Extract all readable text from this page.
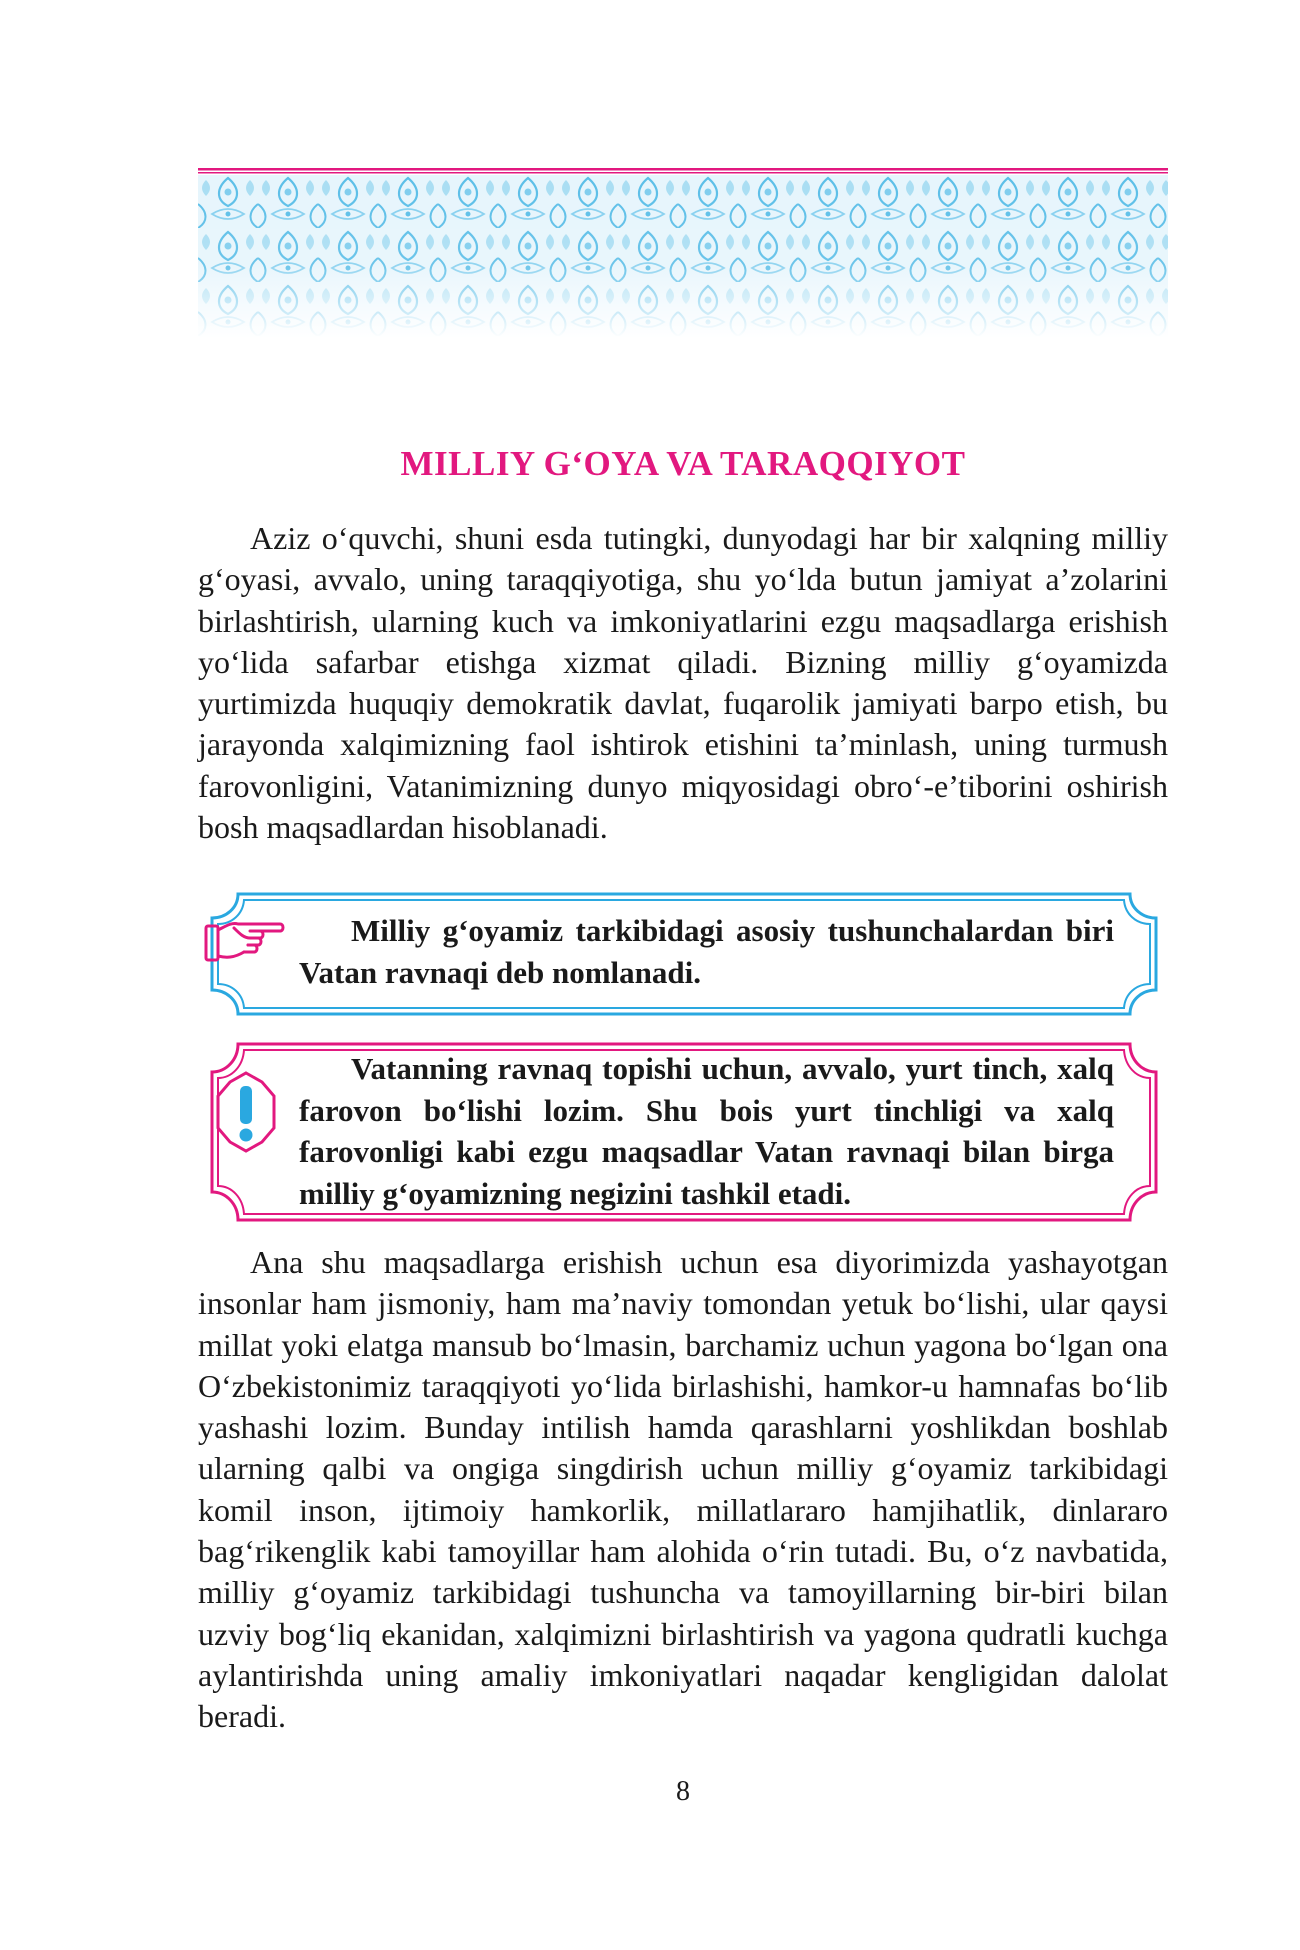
MILLIY G‘OYA VA TARAQQIYOT

Aziz o‘quvchi, shuni esda tutingki, dunyodagi har bir xalqning milliy g‘oyasi, avvalo, uning taraqqiyotiga, shu yo‘lda butun jamiyat a’zolarini birlashtirish, ularning kuch va imkoniyatlarini ezgu maqsadlarga erishish yo‘lida safarbar etishga xizmat qiladi. Bizning milliy g‘oyamizda yurtimizda huquqiy demokratik davlat, fuqarolik jamiyati barpo etish, bu jarayonda xalqimizning faol ishtirok etishini ta’minlash, uning turmush farovonligini, Vatanimizning dunyo miqyosidagi obro‘-e’tiborini oshirish bosh maqsadlardan hisoblanadi.

Milliy g‘oyamiz tarkibidagi asosiy tushunchalardan biri Vatan ravnaqi deb nomlanadi.

Vatanning ravnaq topishi uchun, avvalo, yurt tinch, xalq farovon bo‘lishi lozim. Shu bois yurt tinchligi va xalq farovonligi kabi ezgu maqsadlar Vatan ravnaqi bilan birga milliy g‘oyamizning negizini tashkil etadi.

Ana shu maqsadlarga erishish uchun esa diyorimizda yashayotgan insonlar ham jismoniy, ham ma’naviy tomondan yetuk bo‘lishi, ular qaysi millat yoki elatga mansub bo‘lmasin, barchamiz uchun yagona bo‘lgan ona O‘zbekistonimiz taraqqiyoti yo‘lida birlashishi, hamkor-u hamnafas bo‘lib yashashi lozim. Bunday intilish hamda qarashlarni yoshlikdan boshlab ularning qalbi va ongiga singdirish uchun milliy g‘oyamiz tarkibidagi komil inson, ijtimoiy hamkorlik, millatlararo hamjihatlik, dinlararo bag‘rikenglik kabi tamoyillar ham alohida o‘rin tutadi. Bu, o‘z navbatida, milliy g‘oyamiz tarkibidagi tushuncha va tamoyillarning bir-biri bilan uzviy bog‘liq ekanidan, xalqimizni birlashtirish va yagona qudratli kuchga aylantirishda uning amaliy imkoniyatlari naqadar kengligidan dalolat beradi.

8
